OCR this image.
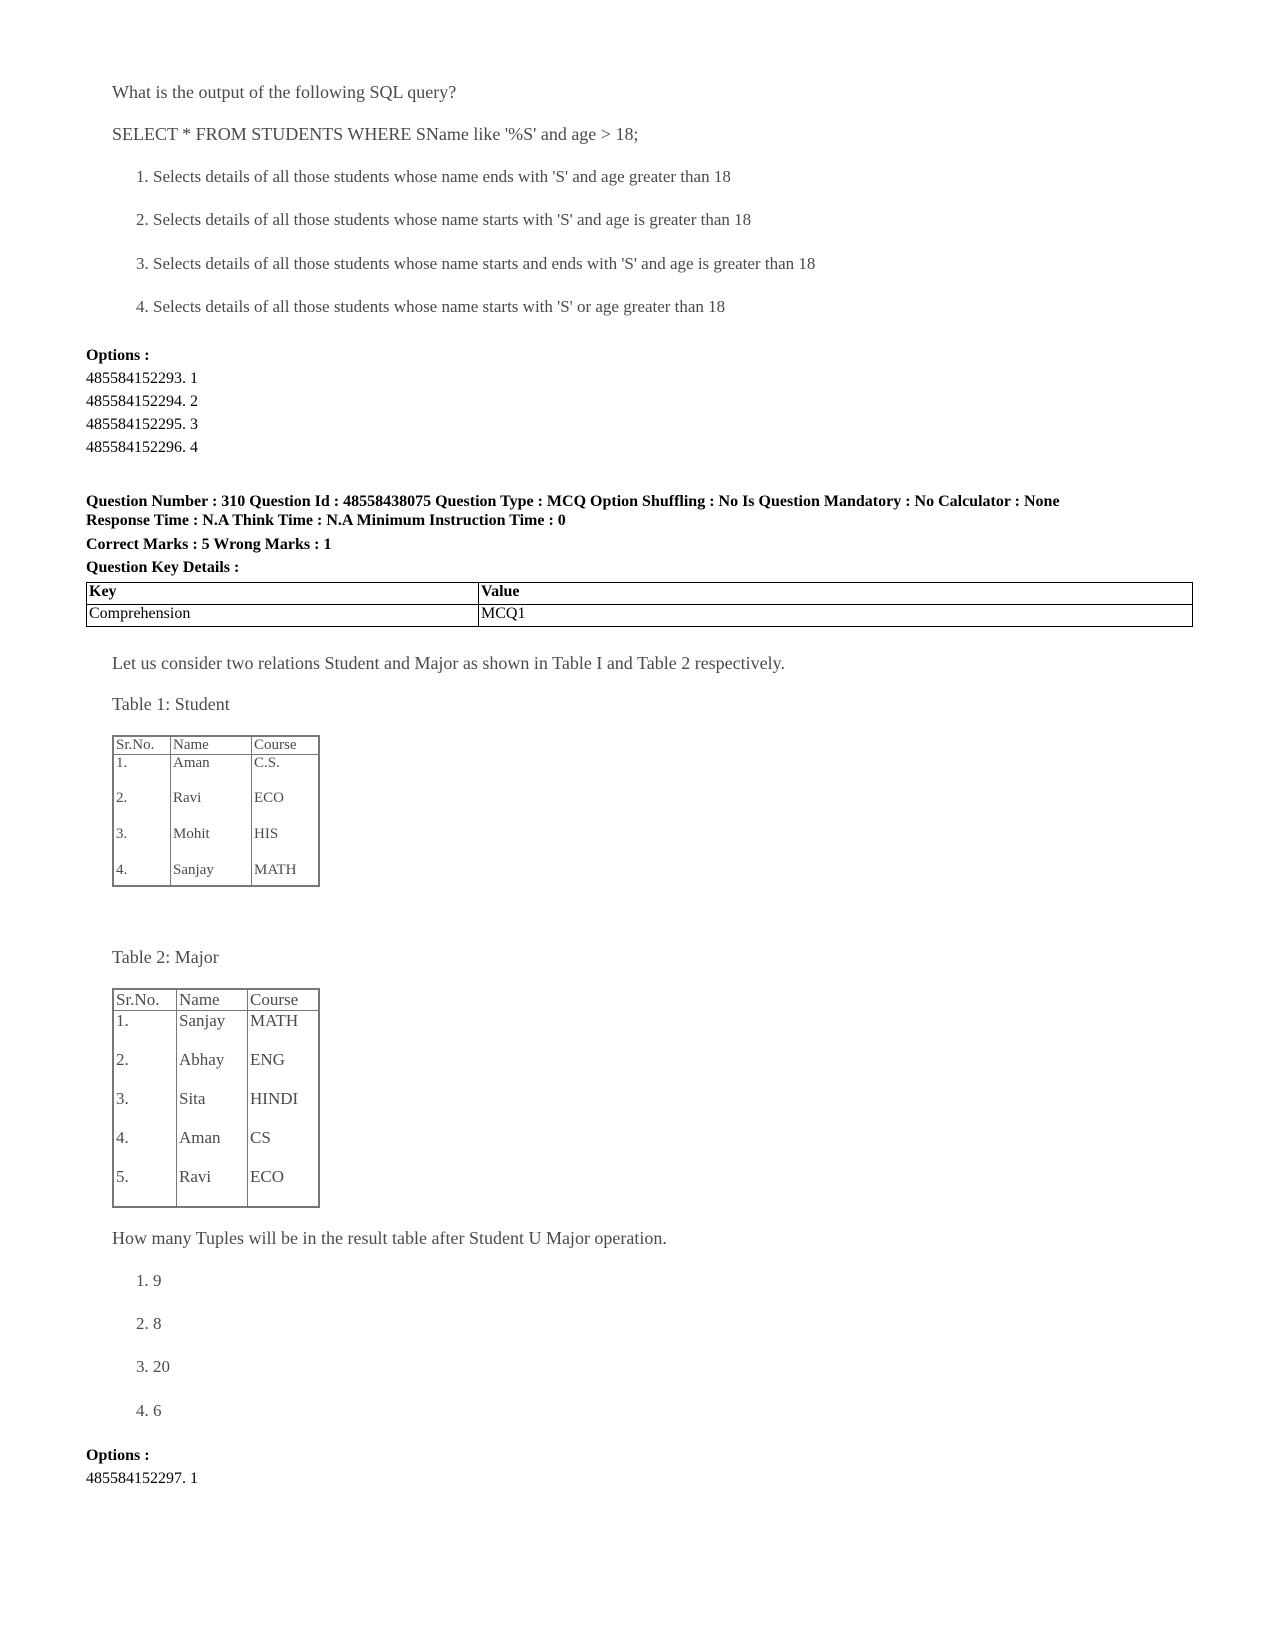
What is the output of the following SQL query?
SELECT * FROM STUDENTS WHERE SName like '%S' and age > 18;
1. Selects details of all those students whose name ends with 'S' and age greater than 18
2. Selects details of all those students whose name starts with 'S' and age is greater than 18
3. Selects details of all those students whose name starts and ends with 'S' and age is greater than 18
4. Selects details of all those students whose name starts with 'S' or age greater than 18
Options :
485584152293. 1
485584152294. 2
485584152295. 3
485584152296. 4
Question Number : 310 Question Id : 48558438075 Question Type : MCQ Option Shuffling : No Is Question Mandatory : No Calculator : None
Response Time : N.A Think Time : N.A Minimum Instruction Time : 0
Correct Marks : 5 Wrong Marks : 1
Question Key Details :
Key	Value
Comprehension	MCQ1
Let us consider two relations Student and Major as shown in Table I and Table 2 respectively.
Table 1: Student
Sr.No.	Name	Course
1.	Aman	C.S.
2.	Ravi	ECO
3.	Mohit	HIS
4.	Sanjay	MATH
Table 2: Major
Sr.No.	Name	Course
1.	Sanjay	MATH
2.	Abhay	ENG
3.	Sita	HINDI
4.	Aman	CS
5.	Ravi	ECO
How many Tuples will be in the result table after Student U Major operation.
1. 9
2. 8
3. 20
4. 6
Options :
485584152297. 1
